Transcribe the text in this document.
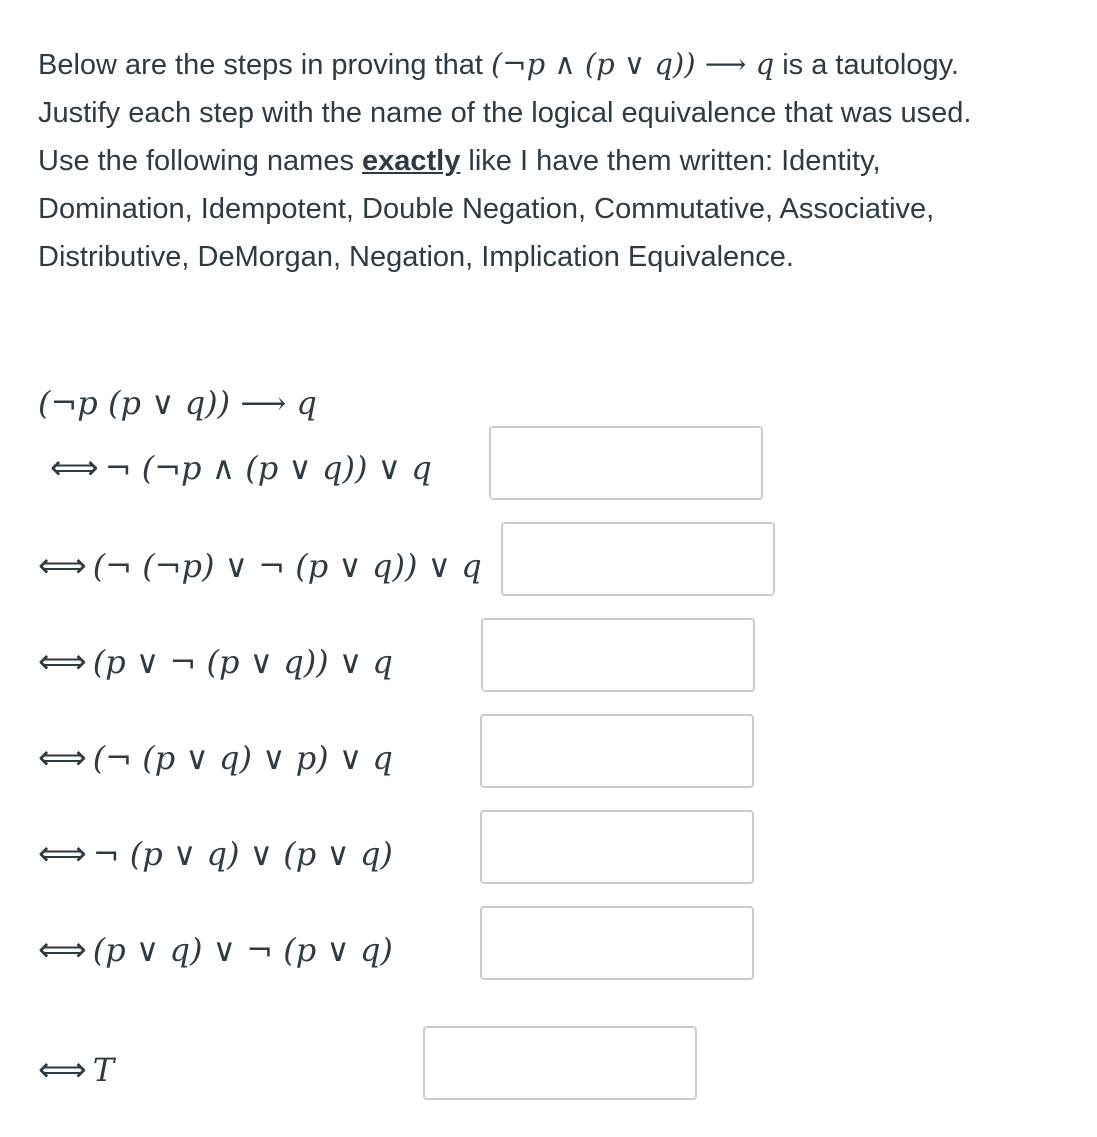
Below are the steps in proving that (¬p ∧ (p ∨ q)) ⟶ q is a tautology.
Justify each step with the name of the logical equivalence that was used.
Use the following names exactly like I have them written: Identity,
Domination, Idempotent, Double Negation, Commutative, Associative,
Distributive, DeMorgan, Negation, Implication Equivalence.
(¬p (p ∨ q)) ⟶ q
⟺ ¬ (¬p ∧ (p ∨ q)) ∨ q
⟺ (¬ (¬p) ∨ ¬ (p ∨ q)) ∨ q
⟺ (p ∨ ¬ (p ∨ q)) ∨ q
⟺ (¬ (p ∨ q) ∨ p) ∨ q
⟺ ¬ (p ∨ q) ∨ (p ∨ q)
⟺ (p ∨ q) ∨ ¬ (p ∨ q)
⟺ T
